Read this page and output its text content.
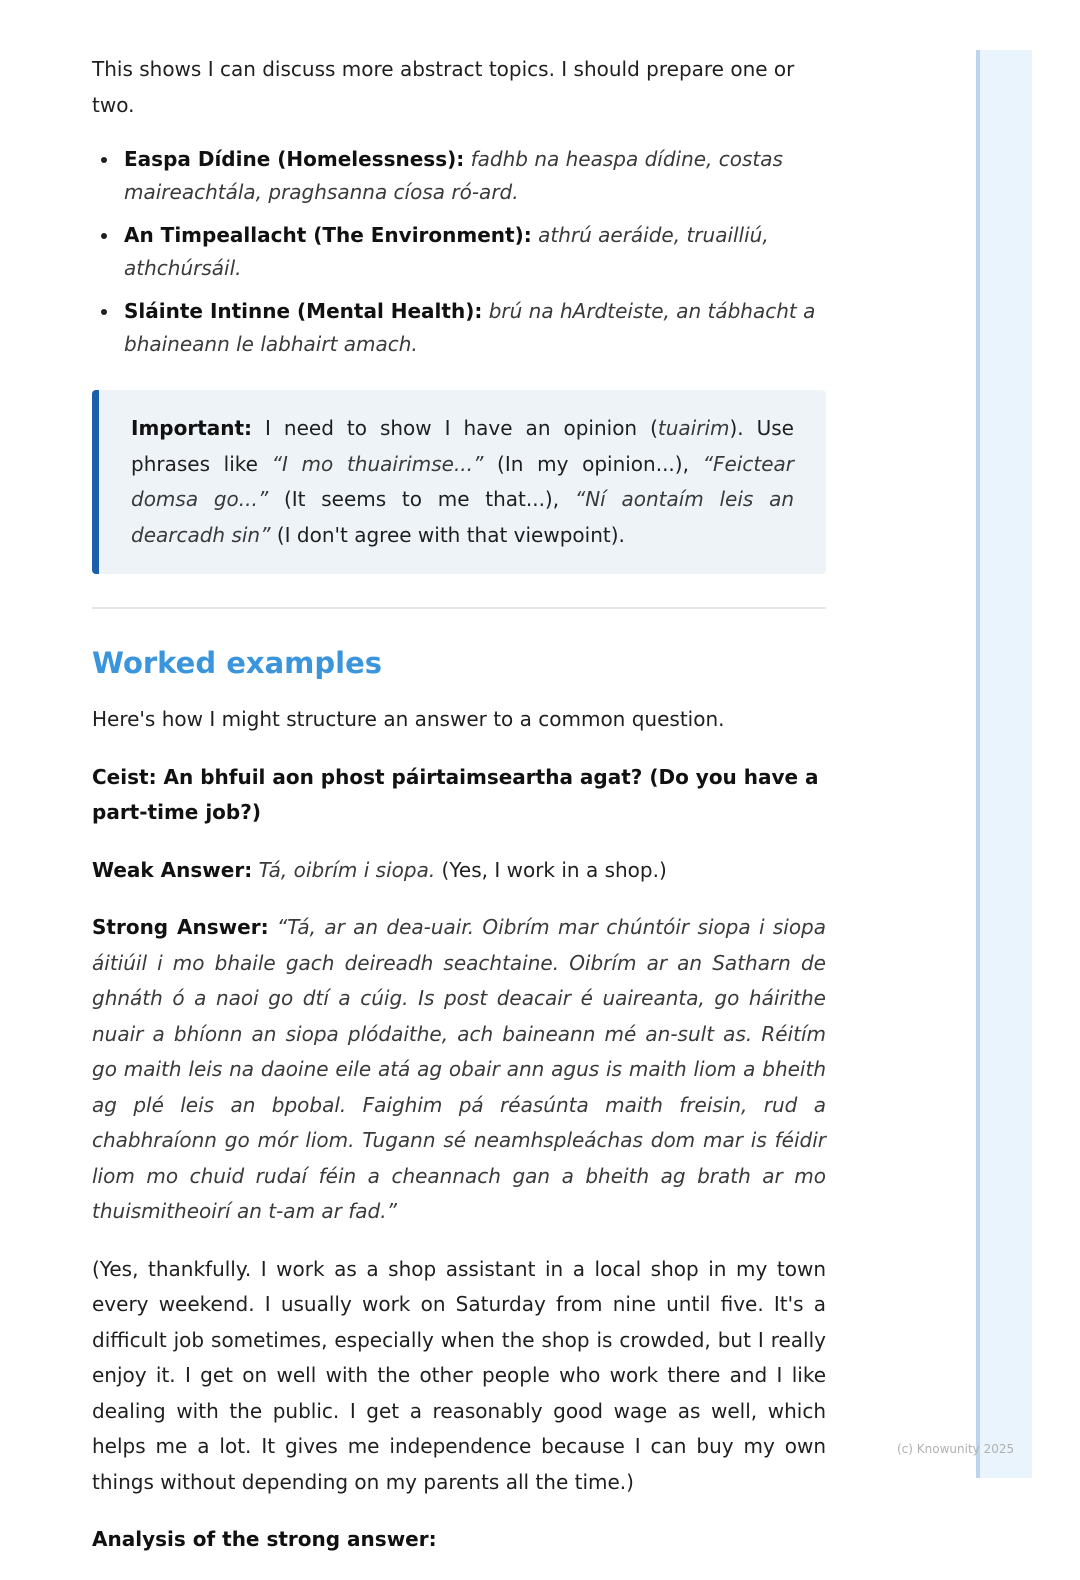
This shows I can discuss more abstract topics. I should prepare one or two.

Easpa Dídine (Homelessness): fadhb na heaspa dídine, costas maireachtála, praghsanna cíosa ró-ard.
An Timpeallacht (The Environment): athrú aeráide, truailliú, athchúrsáil.
Sláinte Intinne (Mental Health): brú na hArdteiste, an tábhacht a bhaineann le labhairt amach.

Important: I need to show I have an opinion (tuairim). Use phrases like “I mo thuairimse...” (In my opinion...), “Feictear domsa go...” (It seems to me that...), “Ní aontaím leis an dearcadh sin” (I don't agree with that viewpoint).

Worked examples

Here's how I might structure an answer to a common question.

Ceist: An bhfuil aon phost páirtaimseartha agat? (Do you have a part-time job?)

Weak Answer: Tá, oibrím i siopa. (Yes, I work in a shop.)

Strong Answer: “Tá, ar an dea-uair. Oibrím mar chúntóir siopa i siopa áitiúil i mo bhaile gach deireadh seachtaine. Oibrím ar an Satharn de ghnáth ó a naoi go dtí a cúig. Is post deacair é uaireanta, go háirithe nuair a bhíonn an siopa plódaithe, ach baineann mé an-sult as. Réitím go maith leis na daoine eile atá ag obair ann agus is maith liom a bheith ag plé leis an bpobal. Faighim pá réasúnta maith freisin, rud a chabhraíonn go mór liom. Tugann sé neamhspleáchas dom mar is féidir liom mo chuid rudaí féin a cheannach gan a bheith ag brath ar mo thuismitheoirí an t-am ar fad.”

(Yes, thankfully. I work as a shop assistant in a local shop in my town every weekend. I usually work on Saturday from nine until five. It's a difficult job sometimes, especially when the shop is crowded, but I really enjoy it. I get on well with the other people who work there and I like dealing with the public. I get a reasonably good wage as well, which helps me a lot. It gives me independence because I can buy my own things without depending on my parents all the time.)

Analysis of the strong answer:

(c) Knowunity 2025
